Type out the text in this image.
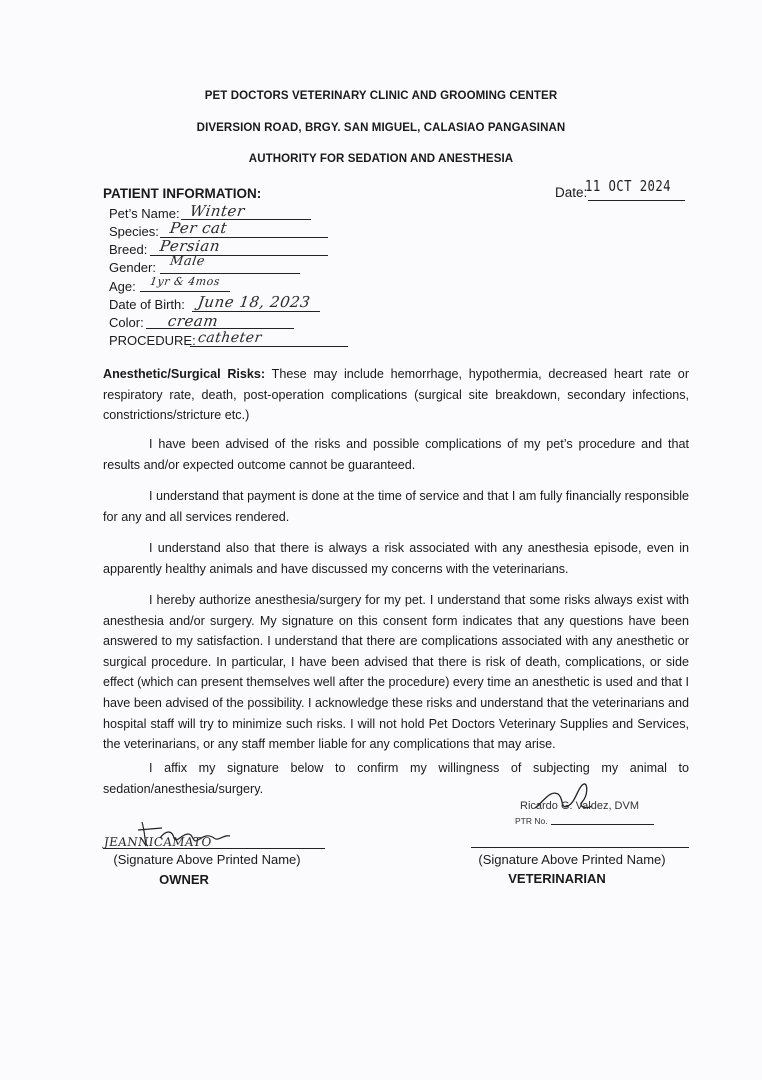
PET DOCTORS VETERINARY CLINIC AND GROOMING CENTER
DIVERSION ROAD, BRGY. SAN MIGUEL, CALASIAO PANGASINAN
AUTHORITY FOR SEDATION AND ANESTHESIA
Date:
11 OCT 2024
PATIENT INFORMATION:
Pet’s Name: Winter
Species: Per cat
Breed: Persian
Gender: Male
Age: 1yr & 4mos
Date of Birth: June 18, 2023
Color: cream
PROCEDURE: catheter
Anesthetic/Surgical Risks: These may include hemorrhage, hypothermia, decreased heart rate or respiratory rate, death, post-operation complications (surgical site breakdown, secondary infections, constrictions/stricture etc.)
I have been advised of the risks and possible complications of my pet’s procedure and that results and/or expected outcome cannot be guaranteed.
I understand that payment is done at the time of service and that I am fully financially responsible for any and all services rendered.
I understand also that there is always a risk associated with any anesthesia episode, even in apparently healthy animals and have discussed my concerns with the veterinarians.
I hereby authorize anesthesia/surgery for my pet. I understand that some risks always exist with anesthesia and/or surgery. My signature on this consent form indicates that any questions have been answered to my satisfaction. I understand that there are complications associated with any anesthetic or surgical procedure. In particular, I have been advised that there is risk of death, complications, or side effect (which can present themselves well after the procedure) every time an anesthetic is used and that I have been advised of the possibility. I acknowledge these risks and understand that the veterinarians and hospital staff will try to minimize such risks. I will not hold Pet Doctors Veterinary Supplies and Services, the veterinarians, or any staff member liable for any complications that may arise.
I affix my signature below to confirm my willingness of subjecting my animal to sedation/anesthesia/surgery.
Ricardo G. Valdez, DVM
PTR No.
JEANNICAMATO
(Signature Above Printed Name)
OWNER
(Signature Above Printed Name)
VETERINARIAN
